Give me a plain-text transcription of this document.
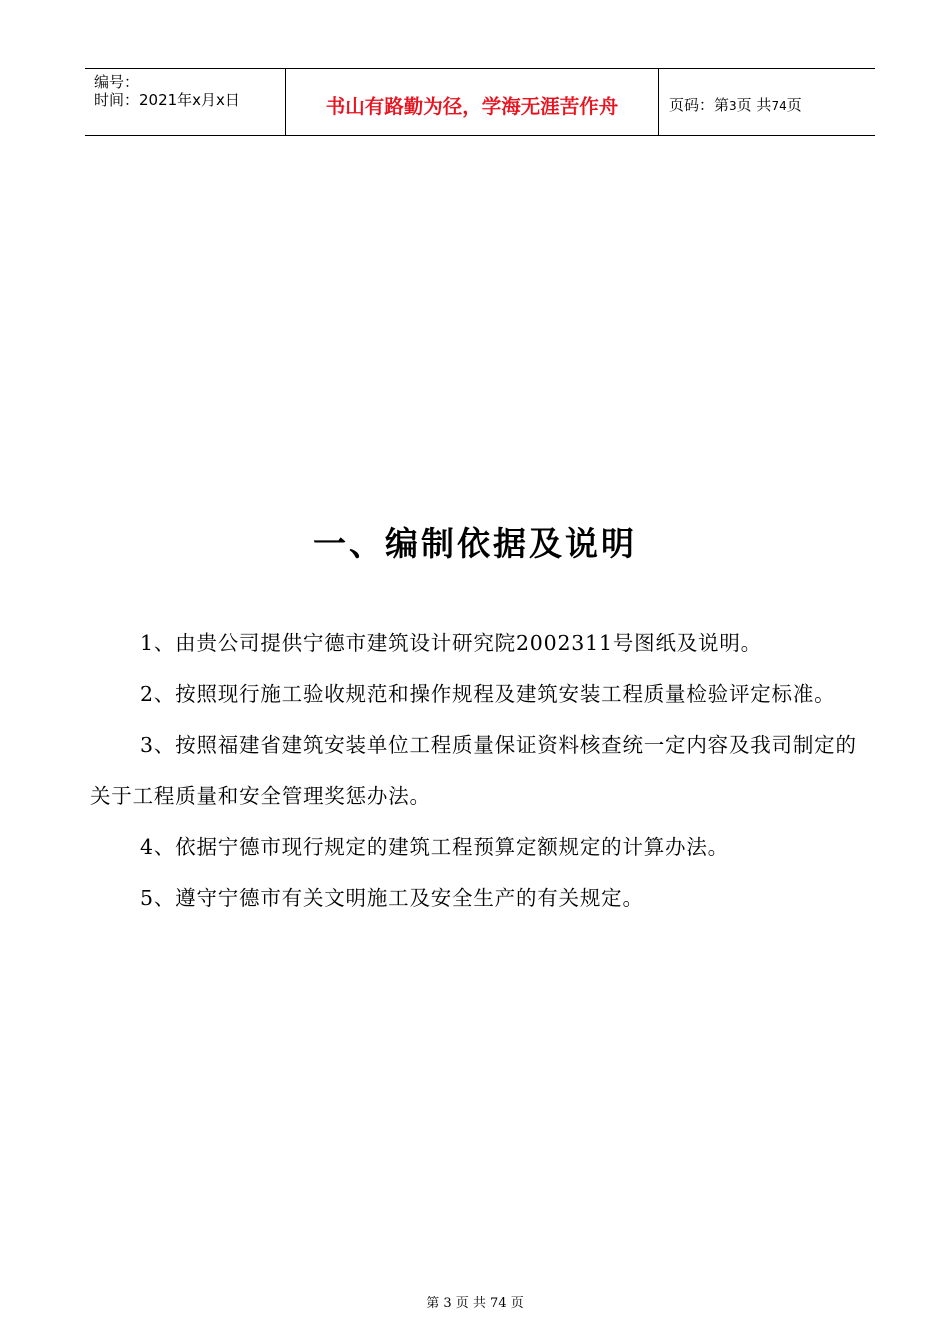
编号：
时间：2021年x月x日	书山有路勤为径，学海无涯苦作舟	页码：第3页 共74页
一、编制依据及说明

1、由贵公司提供宁德市建筑设计研究院2002311号图纸及说明。

2、按照现行施工验收规范和操作规程及建筑安装工程质量检验评定标准。

3、按照福建省建筑安装单位工程质量保证资料核查统一定内容及我司制定的关于工程质量和安全管理奖惩办法。

4、依据宁德市现行规定的建筑工程预算定额规定的计算办法。

5、遵守宁德市有关文明施工及安全生产的有关规定。

第 3 页 共 74 页
